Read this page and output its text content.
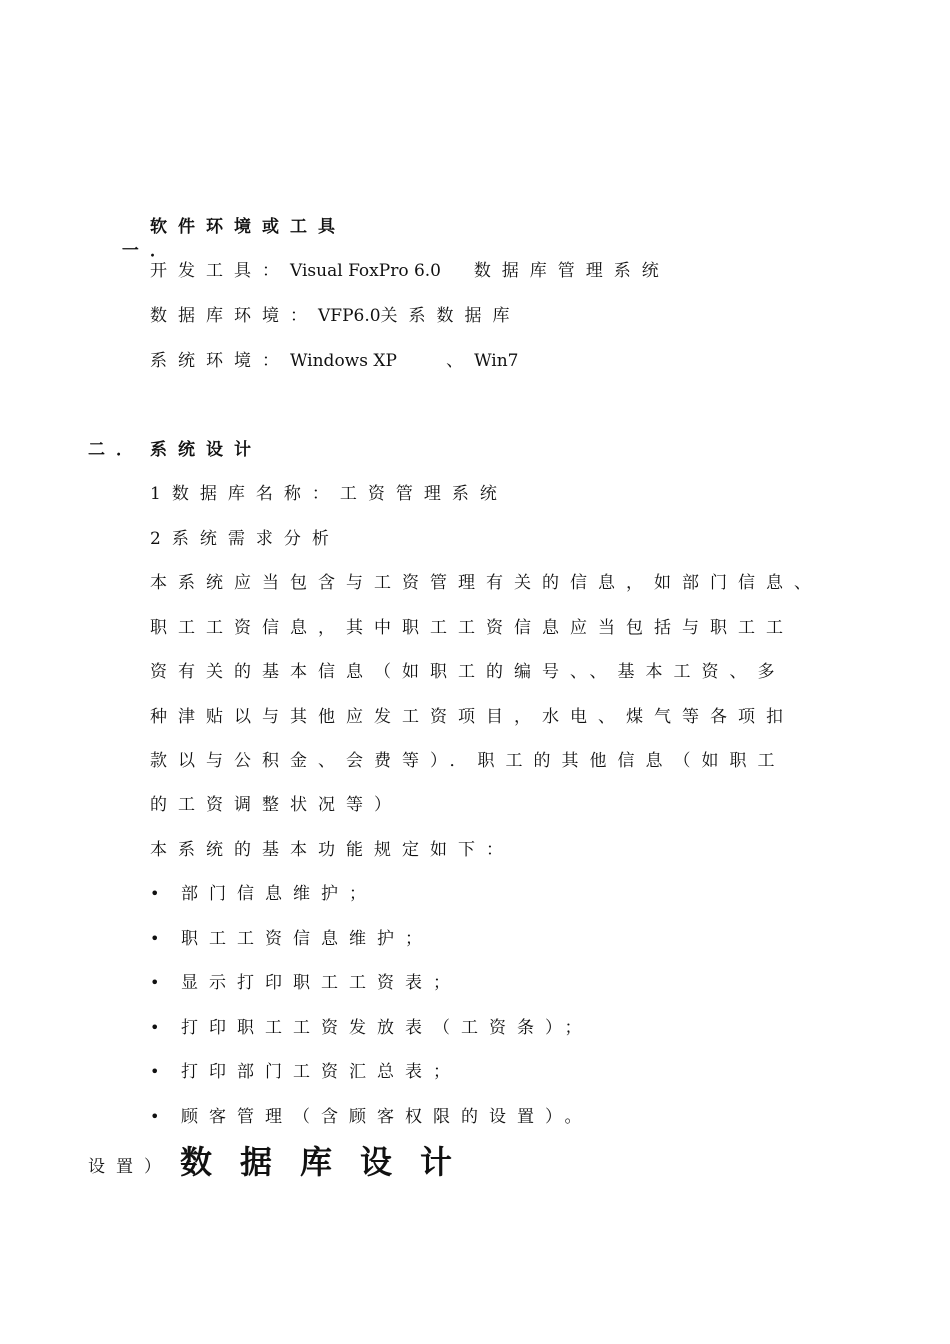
一．

软件环境或工具
开发工具：Visual FoxPro 6.0 数据库管理系统
数据库环境：VFP6.0关系数据库
系统环境：Windows XP	、Win7
二． 系统设计
1数据库名称：工资管理系统
2系统需求分析
本系统应当包含与工资管理有关的信息，如部门信息、
职工工资信息，其中职工工资信息应当包括与职工工
资有关的基本信息（如职工的编号、、基本工资、多
种津贴以与其他应发工资项目，水电、煤气等各项扣
款以与公积金、会费等）．职工的其他信息（如职工
的工资调整状况等）
本系统的基本功能规定如下：
• 部门信息维护；
• 职工工资信息维护；
• 显示打印职工工资表；
• 打印职工工资发放表（工资条）；
• 打印部门工资汇总表；
• 顾客管理（含顾客权限的设置）。
设置） 数据库设计
